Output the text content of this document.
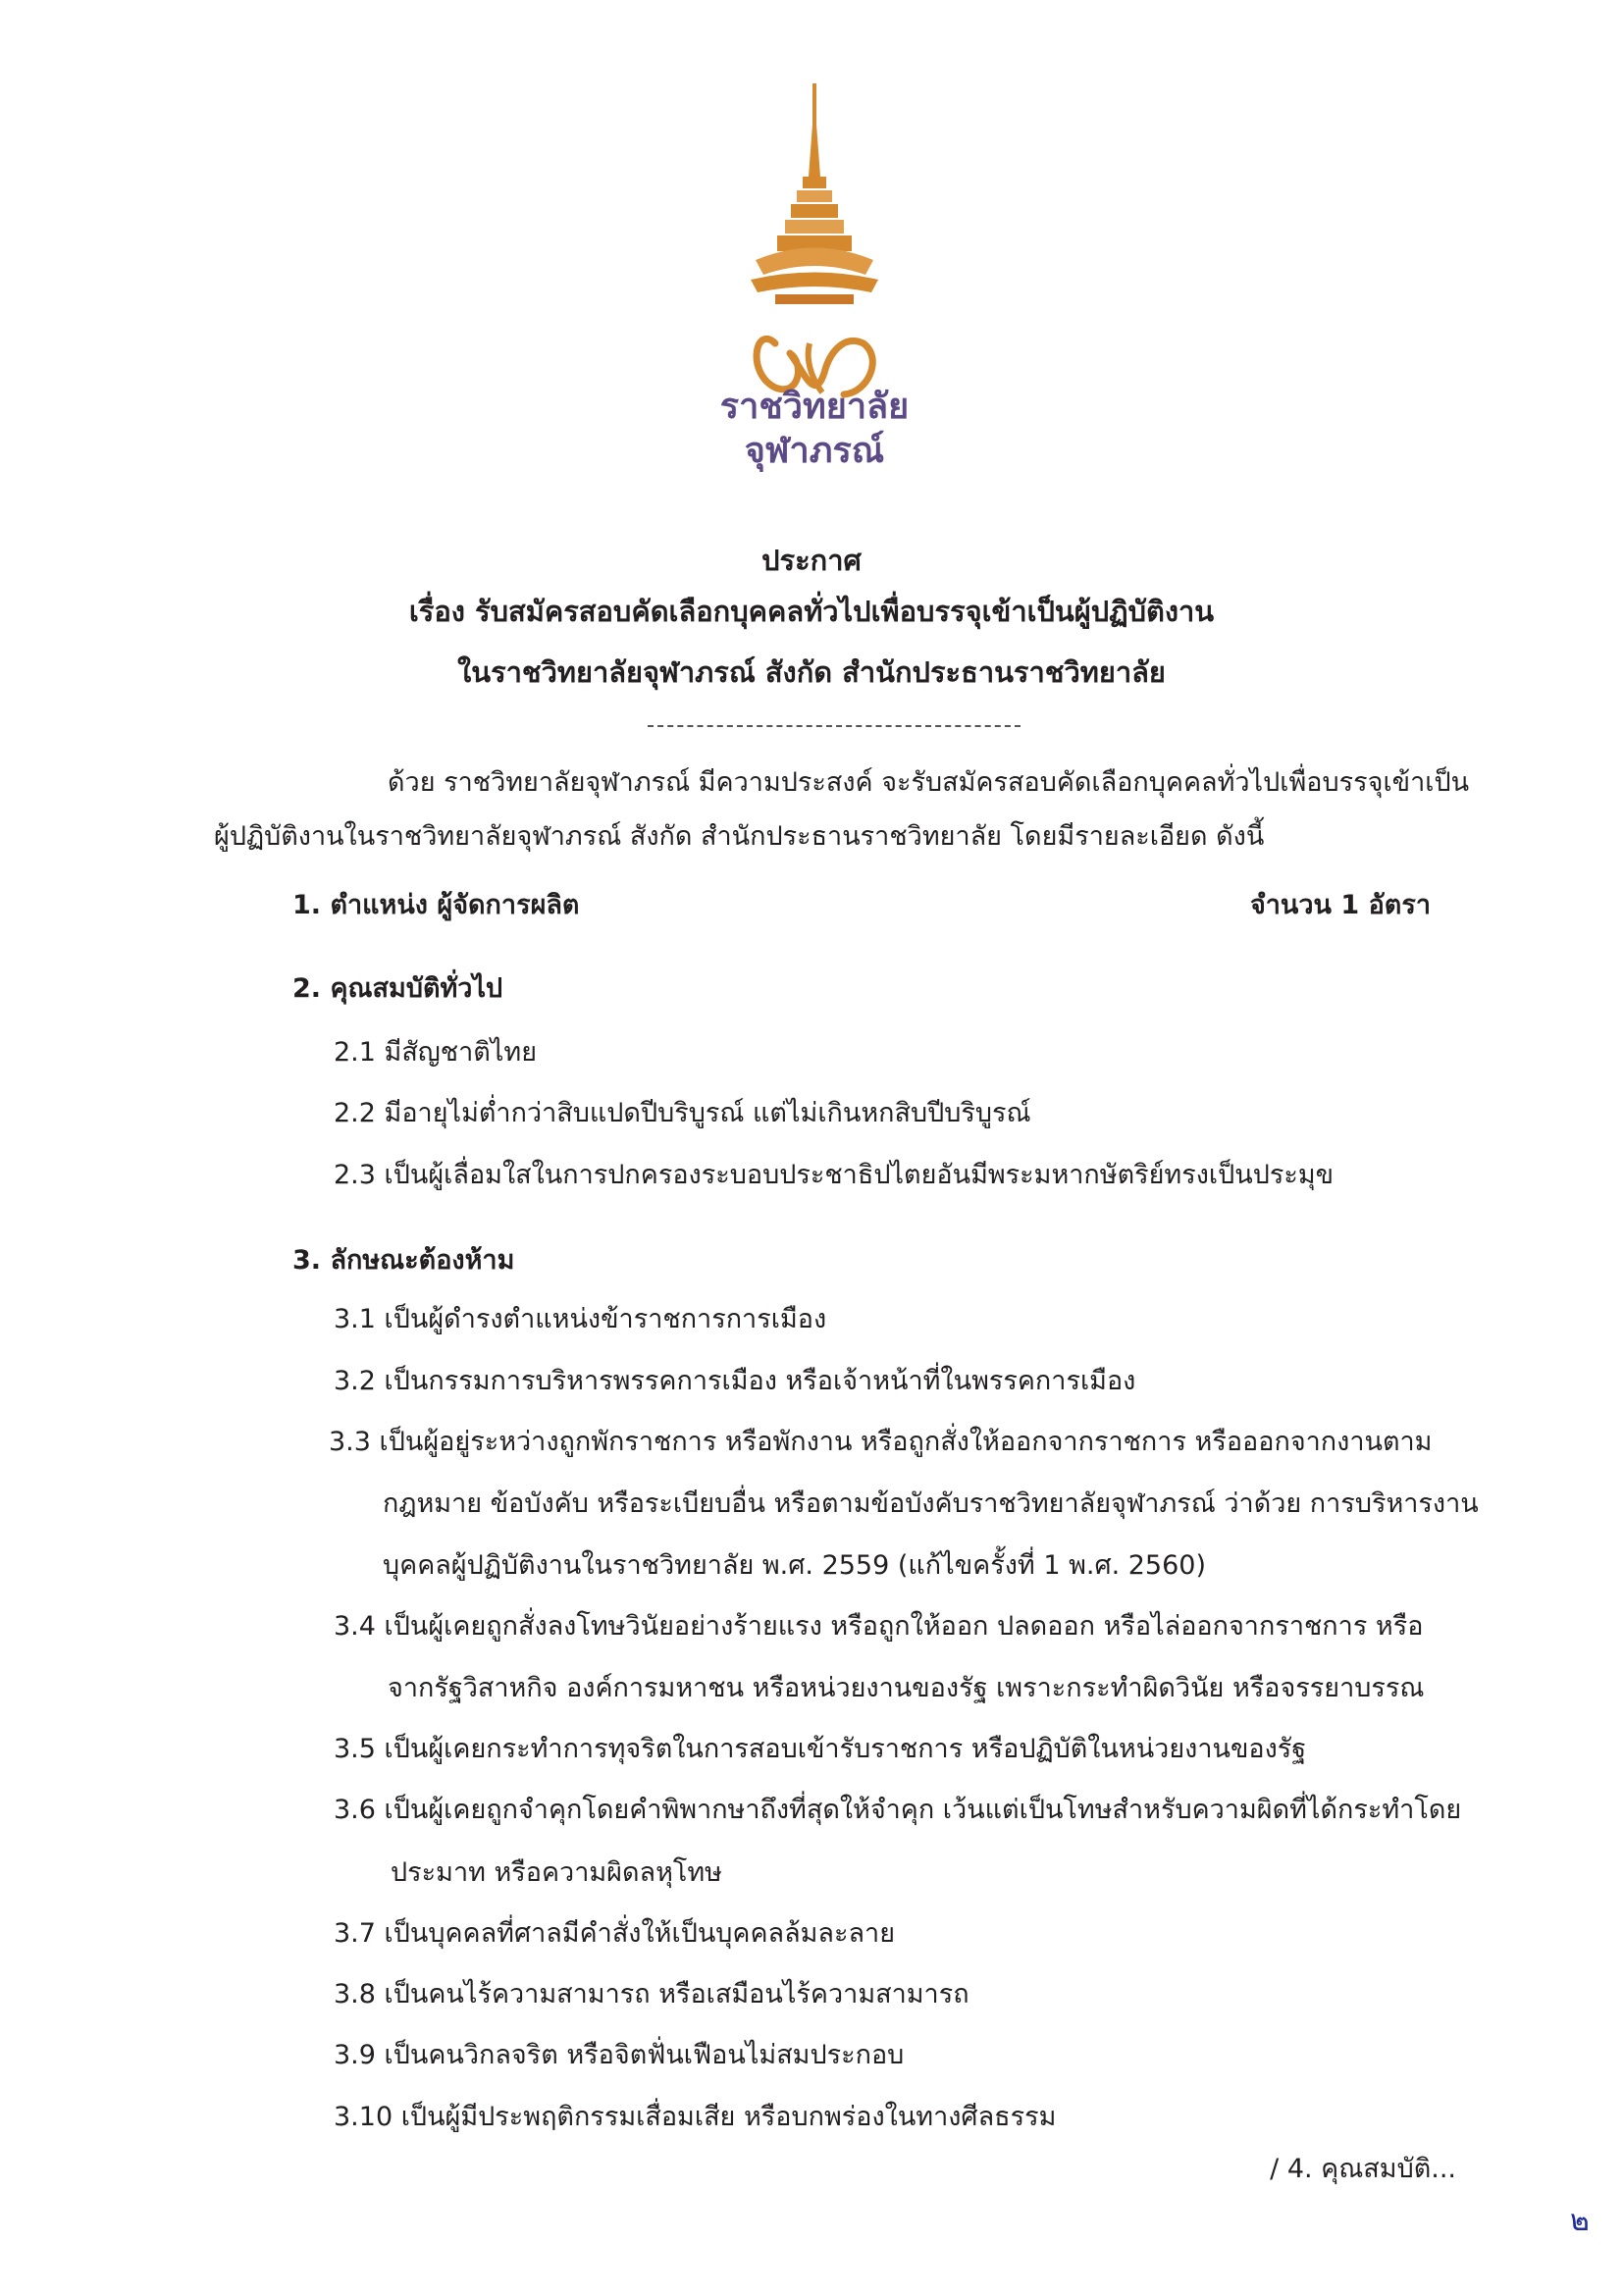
ราชวิทยาลัย
จุฬาภรณ์
ประกาศ
เรื่อง รับสมัครสอบคัดเลือกบุคคลทั่วไปเพื่อบรรจุเข้าเป็นผู้ปฏิบัติงาน
ในราชวิทยาลัยจุฬาภรณ์ สังกัด สำนักประธานราชวิทยาลัย
ด้วย ราชวิทยาลัยจุฬาภรณ์ มีความประสงค์ จะรับสมัครสอบคัดเลือกบุคคลทั่วไปเพื่อบรรจุเข้าเป็น
ผู้ปฏิบัติงานในราชวิทยาลัยจุฬาภรณ์ สังกัด สำนักประธานราชวิทยาลัย โดยมีรายละเอียด ดังนี้
1. ตำแหน่ง ผู้จัดการผลิต	จำนวน 1 อัตรา
2. คุณสมบัติทั่วไป
2.1 มีสัญชาติไทย
2.2 มีอายุไม่ต่ำกว่าสิบแปดปีบริบูรณ์ แต่ไม่เกินหกสิบปีบริบูรณ์
2.3 เป็นผู้เลื่อมใสในการปกครองระบอบประชาธิปไตยอันมีพระมหากษัตริย์ทรงเป็นประมุข
3. ลักษณะต้องห้าม
3.1 เป็นผู้ดำรงตำแหน่งข้าราชการการเมือง
3.2 เป็นกรรมการบริหารพรรคการเมือง หรือเจ้าหน้าที่ในพรรคการเมือง
3.3 เป็นผู้อยู่ระหว่างถูกพักราชการ หรือพักงาน หรือถูกสั่งให้ออกจากราชการ หรือออกจากงานตาม
กฎหมาย ข้อบังคับ หรือระเบียบอื่น หรือตามข้อบังคับราชวิทยาลัยจุฬาภรณ์ ว่าด้วย การบริหารงาน
บุคคลผู้ปฏิบัติงานในราชวิทยาลัย พ.ศ. 2559 (แก้ไขครั้งที่ 1 พ.ศ. 2560)
3.4 เป็นผู้เคยถูกสั่งลงโทษวินัยอย่างร้ายแรง หรือถูกให้ออก ปลดออก หรือไล่ออกจากราชการ หรือ
จากรัฐวิสาหกิจ องค์การมหาชน หรือหน่วยงานของรัฐ เพราะกระทำผิดวินัย หรือจรรยาบรรณ
3.5 เป็นผู้เคยกระทำการทุจริตในการสอบเข้ารับราชการ หรือปฏิบัติในหน่วยงานของรัฐ
3.6 เป็นผู้เคยถูกจำคุกโดยคำพิพากษาถึงที่สุดให้จำคุก เว้นแต่เป็นโทษสำหรับความผิดที่ได้กระทำโดย
ประมาท หรือความผิดลหุโทษ
3.7 เป็นบุคคลที่ศาลมีคำสั่งให้เป็นบุคคลล้มละลาย
3.8 เป็นคนไร้ความสามารถ หรือเสมือนไร้ความสามารถ
3.9 เป็นคนวิกลจริต หรือจิตฟั่นเฟือนไม่สมประกอบ
3.10 เป็นผู้มีประพฤติกรรมเสื่อมเสีย หรือบกพร่องในทางศีลธรรม
/ 4. คุณสมบัติ...
๒
